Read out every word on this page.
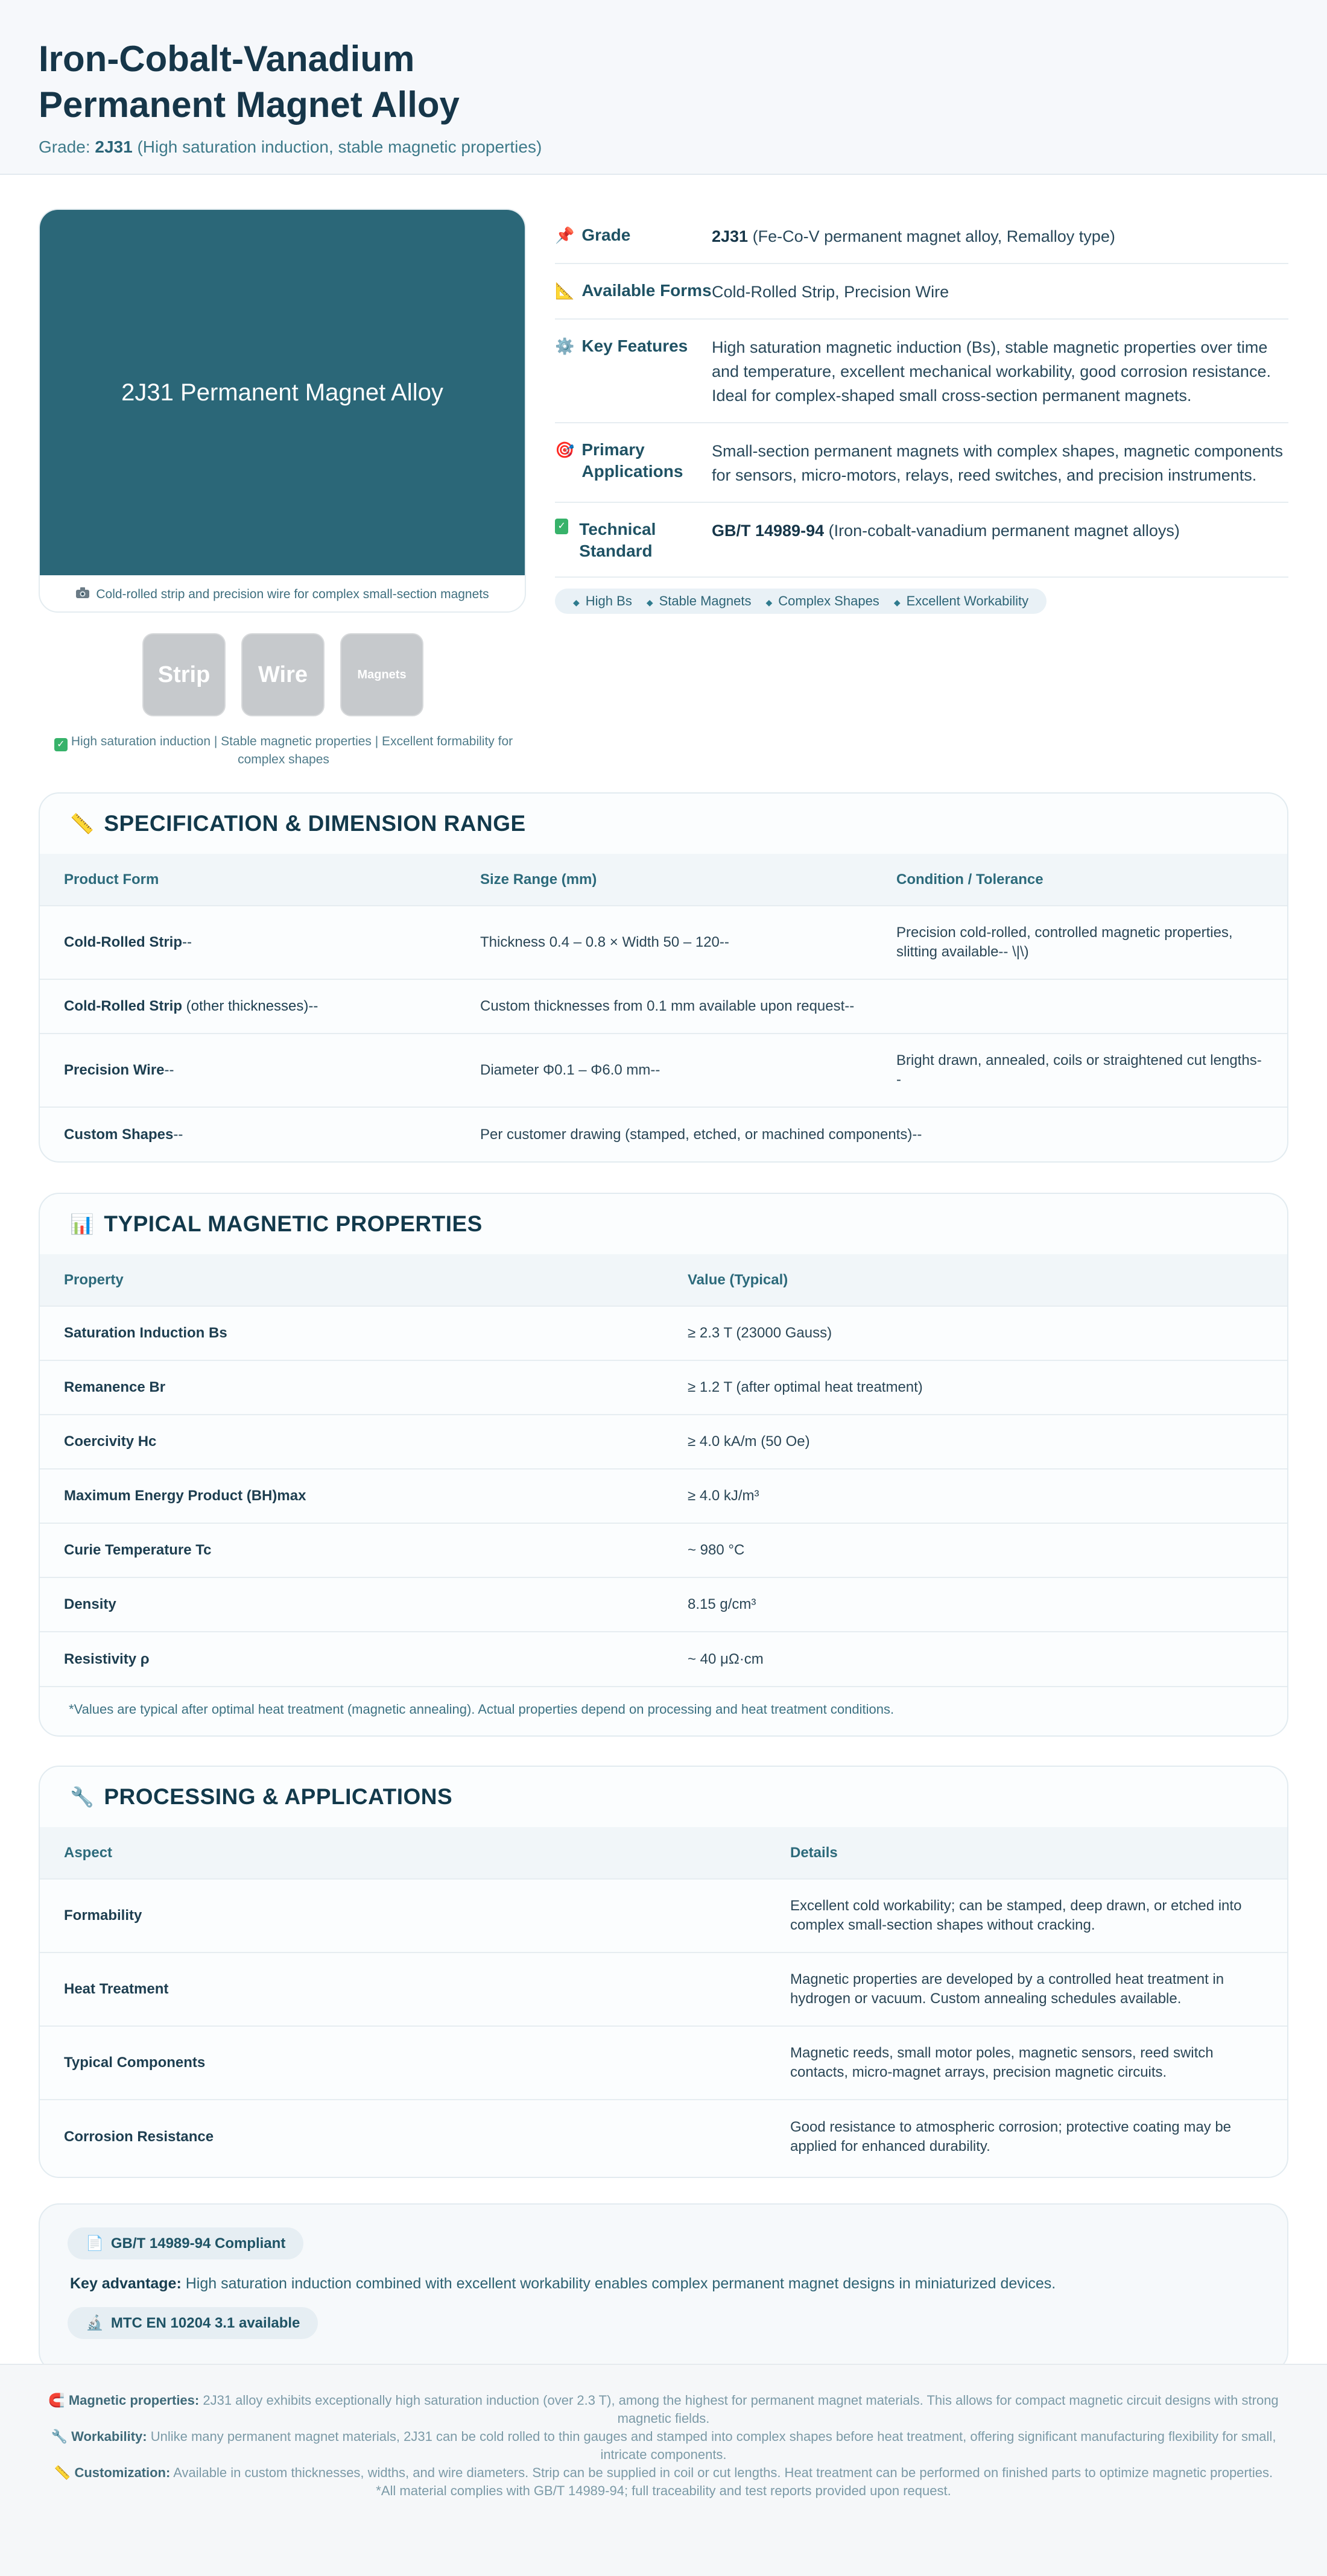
Iron-Cobalt-Vanadium
Permanent Magnet Alloy
Grade: 2J31 (High saturation induction, stable magnetic properties)
2J31 Permanent Magnet Alloy
Cold-rolled strip and precision wire for complex small-section magnets
Strip	Wire	Magnets
✓ High saturation induction | Stable magnetic properties | Excellent formability for complex shapes
📌 Grade	2J31 (Fe-Co-V permanent magnet alloy, Remalloy type)
📐 Available Forms Cold-Rolled Strip, Precision Wire
⚙️ Key Features High saturation magnetic induction (Bs), stable magnetic properties over time and temperature, excellent mechanical workability, good corrosion resistance. Ideal for complex-shaped small cross-section permanent magnets.
🎯 Primary Applications
Small-section permanent magnets with complex shapes, magnetic components for sensors, micro-motors, relays, reed switches, and precision instruments.
✓ Technical Standard
GB/T 14989-94 (Iron-cobalt-vanadium permanent magnet alloys)
◆ High Bs	◆ Stable Magnets	◆ Complex Shapes	◆ Excellent Workability
📏 SPECIFICATION & DIMENSION RANGE
Product Form	Size Range (mm)	Condition / Tolerance
Cold-Rolled Strip--	Thickness 0.4 – 0.8 × Width 50 – 120--	Precision cold-rolled, controlled magnetic properties, slitting available-- \|\)
Cold-Rolled Strip (other thicknesses)--	Custom thicknesses from 0.1 mm available upon request--	
Precision Wire--	Diameter Φ0.1 – Φ6.0 mm--	Bright drawn, annealed, coils or straightened cut lengths--
Custom Shapes--	Per customer drawing (stamped, etched, or machined components)--	
📊 TYPICAL MAGNETIC PROPERTIES
Property	Value (Typical)
Saturation Induction Bs	≥ 2.3 T (23000 Gauss)
Remanence Br	≥ 1.2 T (after optimal heat treatment)
Coercivity Hc	≥ 4.0 kA/m (50 Oe)
Maximum Energy Product (BH)max	≥ 4.0 kJ/m³
Curie Temperature Tc	~ 980 °C
Density	8.15 g/cm³
Resistivity ρ	~ 40 μΩ·cm
*Values are typical after optimal heat treatment (magnetic annealing). Actual properties depend on processing and heat treatment conditions.
🔧 PROCESSING & APPLICATIONS
Aspect	Details
Formability	Excellent cold workability; can be stamped, deep drawn, or etched into complex small-section shapes without cracking.
Heat Treatment	Magnetic properties are developed by a controlled heat treatment in hydrogen or vacuum. Custom annealing schedules available.
Typical Components	Magnetic reeds, small motor poles, magnetic sensors, reed switch contacts, micro-magnet arrays, precision magnetic circuits.
Corrosion Resistance	Good resistance to atmospheric corrosion; protective coating may be applied for enhanced durability.
📄 GB/T 14989-94 Compliant
Key advantage: High saturation induction combined with excellent workability enables complex permanent magnet designs in miniaturized devices.
🔬 MTC EN 10204 3.1 available

🧲 Magnetic properties: 2J31 alloy exhibits exceptionally high saturation induction (over 2.3 T), among the highest for permanent magnet materials. This allows for compact magnetic circuit designs with strong magnetic fields.

🔧 Workability: Unlike many permanent magnet materials, 2J31 can be cold rolled to thin gauges and stamped into complex shapes before heat treatment, offering significant manufacturing flexibility for small, intricate components.

📏 Customization: Available in custom thicknesses, widths, and wire diameters. Strip can be supplied in coil or cut lengths. Heat treatment can be performed on finished parts to optimize magnetic properties.

*All material complies with GB/T 14989-94; full traceability and test reports provided upon request.
